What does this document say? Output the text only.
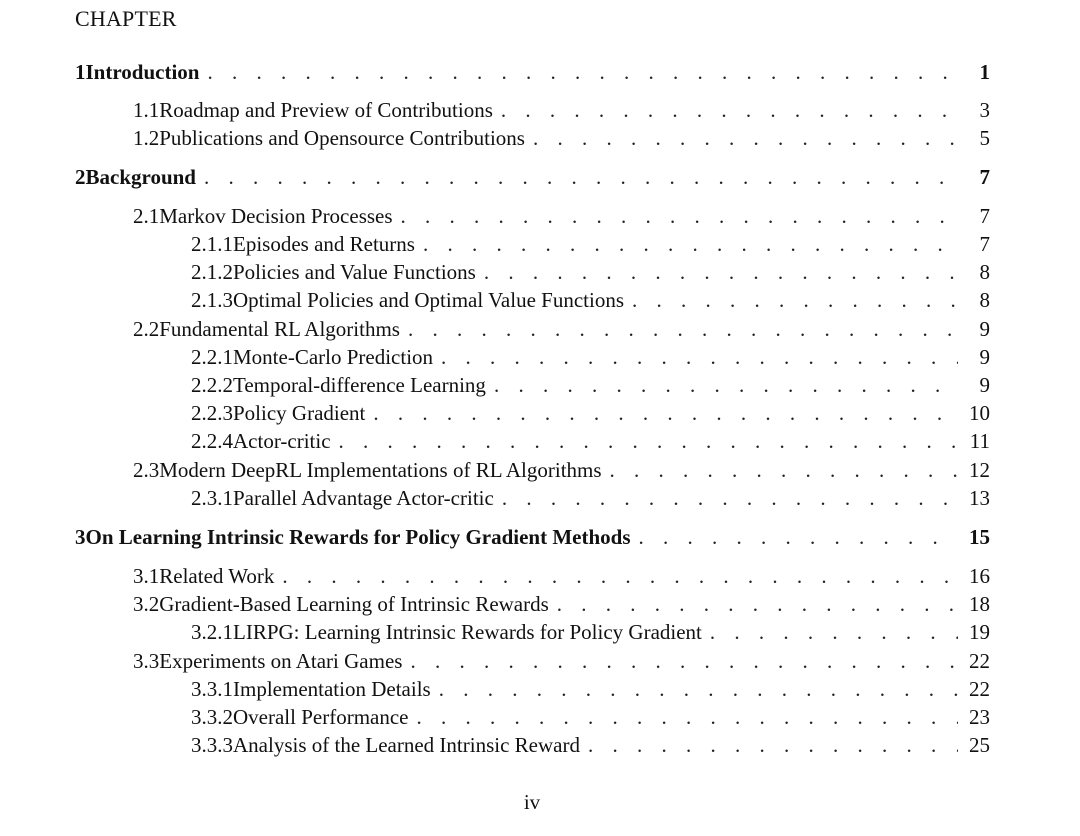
CHAPTER
1 Introduction . . .	1
1.1 Roadmap and Preview of Contributions . . .	3
1.2 Publications and Opensource Contributions . . .	5
2 Background . . .	7
2.1 Markov Decision Processes . . .	7
2.1.1 Episodes and Returns . . .	7
2.1.2 Policies and Value Functions . . .	8
2.1.3 Optimal Policies and Optimal Value Functions . . .	8
2.2 Fundamental RL Algorithms . . .	9
2.2.1 Monte-Carlo Prediction . . .	9
2.2.2 Temporal-difference Learning . . .	9
2.2.3 Policy Gradient . . .	10
2.2.4 Actor-critic . . .	11
2.3 Modern DeepRL Implementations of RL Algorithms . . .	12
2.3.1 Parallel Advantage Actor-critic . . .	13
3 On Learning Intrinsic Rewards for Policy Gradient Methods . . .	15
3.1 Related Work . . .	16
3.2 Gradient-Based Learning of Intrinsic Rewards . . .	18
3.2.1 LIRPG: Learning Intrinsic Rewards for Policy Gradient . . .	19
3.3 Experiments on Atari Games . . .	22
3.3.1 Implementation Details . . .	22
3.3.2 Overall Performance . . .	23
3.3.3 Analysis of the Learned Intrinsic Reward . . .	25
iv
